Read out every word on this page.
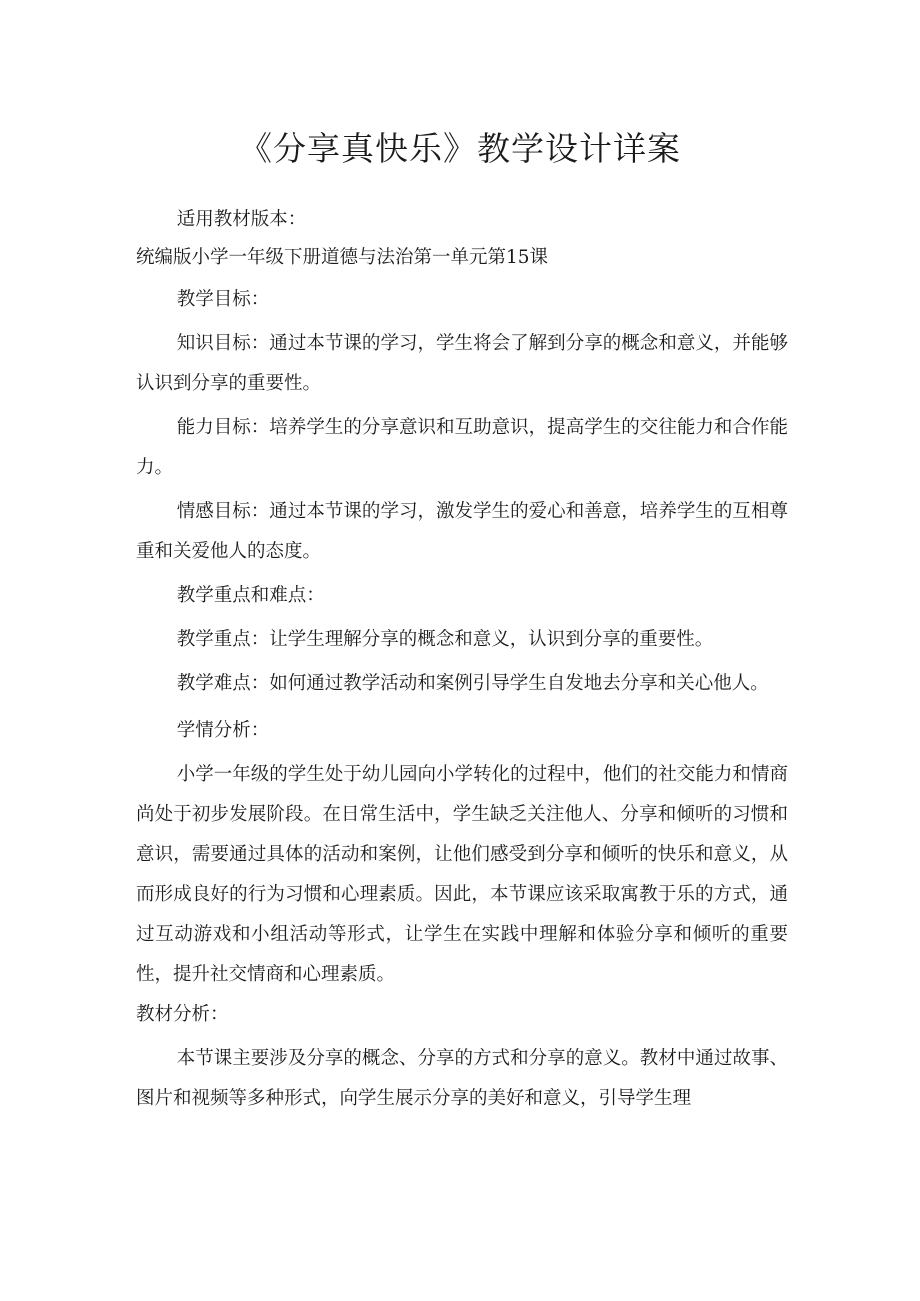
《分享真快乐》教学设计详案

适用教材版本：

统编版小学一年级下册道德与法治第一单元第15课

教学目标：

知识目标：通过本节课的学习，学生将会了解到分享的概念和意义，并能够认识到分享的重要性。

能力目标：培养学生的分享意识和互助意识，提高学生的交往能力和合作能力。

情感目标：通过本节课的学习，激发学生的爱心和善意，培养学生的互相尊重和关爱他人的态度。

教学重点和难点：

教学重点：让学生理解分享的概念和意义，认识到分享的重要性。

教学难点：如何通过教学活动和案例引导学生自发地去分享和关心他人。

学情分析：

小学一年级的学生处于幼儿园向小学转化的过程中，他们的社交能力和情商尚处于初步发展阶段。在日常生活中，学生缺乏关注他人、分享和倾听的习惯和意识，需要通过具体的活动和案例，让他们感受到分享和倾听的快乐和意义，从而形成良好的行为习惯和心理素质。因此，本节课应该采取寓教于乐的方式，通过互动游戏和小组活动等形式，让学生在实践中理解和体验分享和倾听的重要性，提升社交情商和心理素质。

教材分析：

本节课主要涉及分享的概念、分享的方式和分享的意义。教材中通过故事、图片和视频等多种形式，向学生展示分享的美好和意义，引导学生理
